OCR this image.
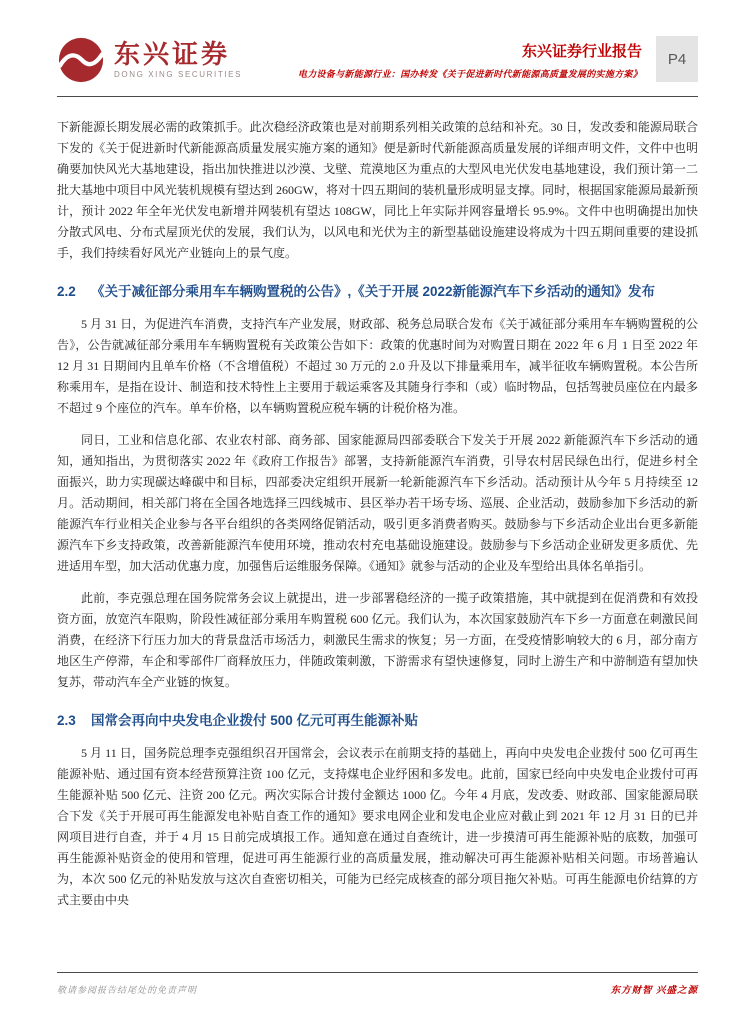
东兴证券
DONG XING SECURITIES
东兴证券行业报告
电力设备与新能源行业：国办转发《关于促进新时代新能源高质量发展的实施方案》
P4

下新能源长期发展必需的政策抓手。此次稳经济政策也是对前期系列相关政策的总结和补充。30 日，发改委和能源局联合下发的《关于促进新时代新能源高质量发展实施方案的通知》便是新时代新能源高质量发展的详细声明文件，文件中也明确要加快风光大基地建设，指出加快推进以沙漠、戈壁、荒漠地区为重点的大型风电光伏发电基地建设，我们预计第一二批大基地中项目中风光装机规模有望达到 260GW，将对十四五期间的装机量形成明显支撑。同时，根据国家能源局最新预计，预计 2022 年全年光伏发电新增并网装机有望达 108GW，同比上年实际并网容量增长 95.9%。文件中也明确提出加快分散式风电、分布式屋顶光伏的发展，我们认为，以风电和光伏为主的新型基础设施建设将成为十四五期间重要的建设抓手，我们持续看好风光产业链向上的景气度。

2.2	《关于减征部分乘用车车辆购置税的公告》,《关于开展 2022新能源汽车下乡活动的通知》发布

5 月 31 日，为促进汽车消费，支持汽车产业发展，财政部、税务总局联合发布《关于减征部分乘用车车辆购置税的公告》，公告就减征部分乘用车车辆购置税有关政策公告如下：政策的优惠时间为对购置日期在 2022 年 6 月 1 日至 2022 年 12 月 31 日期间内且单车价格（不含增值税）不超过 30 万元的 2.0 升及以下排量乘用车，减半征收车辆购置税。本公告所称乘用车，是指在设计、制造和技术特性上主要用于载运乘客及其随身行李和（或）临时物品，包括驾驶员座位在内最多不超过 9 个座位的汽车。单车价格，以车辆购置税应税车辆的计税价格为准。

同日，工业和信息化部、农业农村部、商务部、国家能源局四部委联合下发关于开展 2022 新能源汽车下乡活动的通知，通知指出，为贯彻落实 2022 年《政府工作报告》部署，支持新能源汽车消费，引导农村居民绿色出行，促进乡村全面振兴，助力实现碳达峰碳中和目标，四部委决定组织开展新一轮新能源汽车下乡活动。活动预计从今年 5 月持续至 12 月。活动期间，相关部门将在全国各地选择三四线城市、县区举办若干场专场、巡展、企业活动，鼓励参加下乡活动的新能源汽车行业相关企业参与各平台组织的各类网络促销活动，吸引更多消费者购买。鼓励参与下乡活动企业出台更多新能源汽车下乡支持政策，改善新能源汽车使用环境，推动农村充电基础设施建设。鼓励参与下乡活动企业研发更多质优、先进适用车型，加大活动优惠力度，加强售后运维服务保障。《通知》就参与活动的企业及车型给出具体名单指引。

此前，李克强总理在国务院常务会议上就提出，进一步部署稳经济的一揽子政策措施，其中就提到在促消费和有效投资方面，放宽汽车限购，阶段性减征部分乘用车购置税 600 亿元。我们认为，本次国家鼓励汽车下乡一方面意在刺激民间消费，在经济下行压力加大的背景盘活市场活力，刺激民生需求的恢复；另一方面，在受疫情影响较大的 6 月，部分南方地区生产停滞，车企和零部件厂商释放压力，伴随政策刺激，下游需求有望快速修复，同时上游生产和中游制造有望加快复苏，带动汽车全产业链的恢复。

2.3	国常会再向中央发电企业拨付 500 亿元可再生能源补贴

5 月 11 日，国务院总理李克强组织召开国常会，会议表示在前期支持的基础上，再向中央发电企业拨付 500 亿可再生能源补贴、通过国有资本经营预算注资 100 亿元，支持煤电企业纾困和多发电。此前，国家已经向中央发电企业拨付可再生能源补贴 500 亿元、注资 200 亿元。两次实际合计拨付金额达 1000 亿。今年 4 月底，发改委、财政部、国家能源局联合下发《关于开展可再生能源发电补贴自查工作的通知》要求电网企业和发电企业应对截止到 2021 年 12 月 31 日的已并网项目进行自查，并于 4 月 15 日前完成填报工作。通知意在通过自查统计，进一步摸清可再生能源补贴的底数，加强可再生能源补贴资金的使用和管理，促进可再生能源行业的高质量发展，推动解决可再生能源补贴相关问题。市场普遍认为，本次 500 亿元的补贴发放与这次自查密切相关，可能为已经完成核查的部分项目拖欠补贴。可再生能源电价结算的方式主要由中央

敬请参阅报告结尾处的免责声明	东方财智 兴盛之源
